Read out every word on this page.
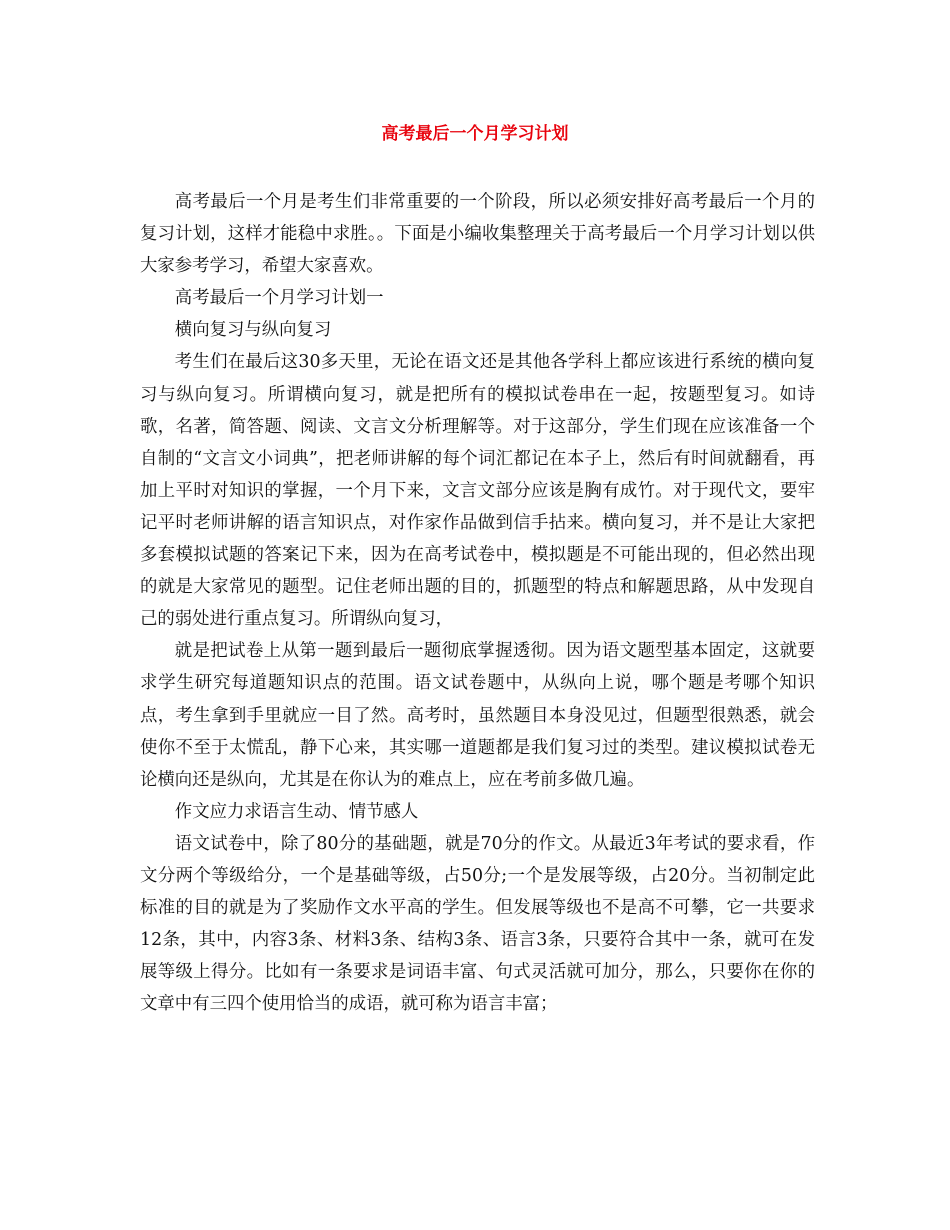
高考最后一个月学习计划

高考最后一个月是考生们非常重要的一个阶段，所以必须安排好高考最后一个月的复习计划，这样才能稳中求胜。。下面是小编收集整理关于高考最后一个月学习计划以供大家参考学习，希望大家喜欢。

高考最后一个月学习计划一

横向复习与纵向复习

考生们在最后这30多天里，无论在语文还是其他各学科上都应该进行系统的横向复习与纵向复习。所谓横向复习，就是把所有的模拟试卷串在一起，按题型复习。如诗歌，名著，简答题、阅读、文言文分析理解等。对于这部分，学生们现在应该准备一个自制的“文言文小词典”，把老师讲解的每个词汇都记在本子上，然后有时间就翻看，再加上平时对知识的掌握，一个月下来，文言文部分应该是胸有成竹。对于现代文，要牢记平时老师讲解的语言知识点，对作家作品做到信手拈来。横向复习，并不是让大家把多套模拟试题的答案记下来，因为在高考试卷中，模拟题是不可能出现的，但必然出现的就是大家常见的题型。记住老师出题的目的，抓题型的特点和解题思路，从中发现自己的弱处进行重点复习。所谓纵向复习，

就是把试卷上从第一题到最后一题彻底掌握透彻。因为语文题型基本固定，这就要求学生研究每道题知识点的范围。语文试卷题中，从纵向上说，哪个题是考哪个知识点，考生拿到手里就应一目了然。高考时，虽然题目本身没见过，但题型很熟悉，就会使你不至于太慌乱，静下心来，其实哪一道题都是我们复习过的类型。建议模拟试卷无论横向还是纵向，尤其是在你认为的难点上，应在考前多做几遍。

作文应力求语言生动、情节感人

语文试卷中，除了80分的基础题，就是70分的作文。从最近3年考试的要求看，作文分两个等级给分，一个是基础等级，占50分;一个是发展等级，占20分。当初制定此标准的目的就是为了奖励作文水平高的学生。但发展等级也不是高不可攀，它一共要求12条，其中，内容3条、材料3条、结构3条、语言3条，只要符合其中一条，就可在发展等级上得分。比如有一条要求是词语丰富、句式灵活就可加分，那么，只要你在你的文章中有三四个使用恰当的成语，就可称为语言丰富；
